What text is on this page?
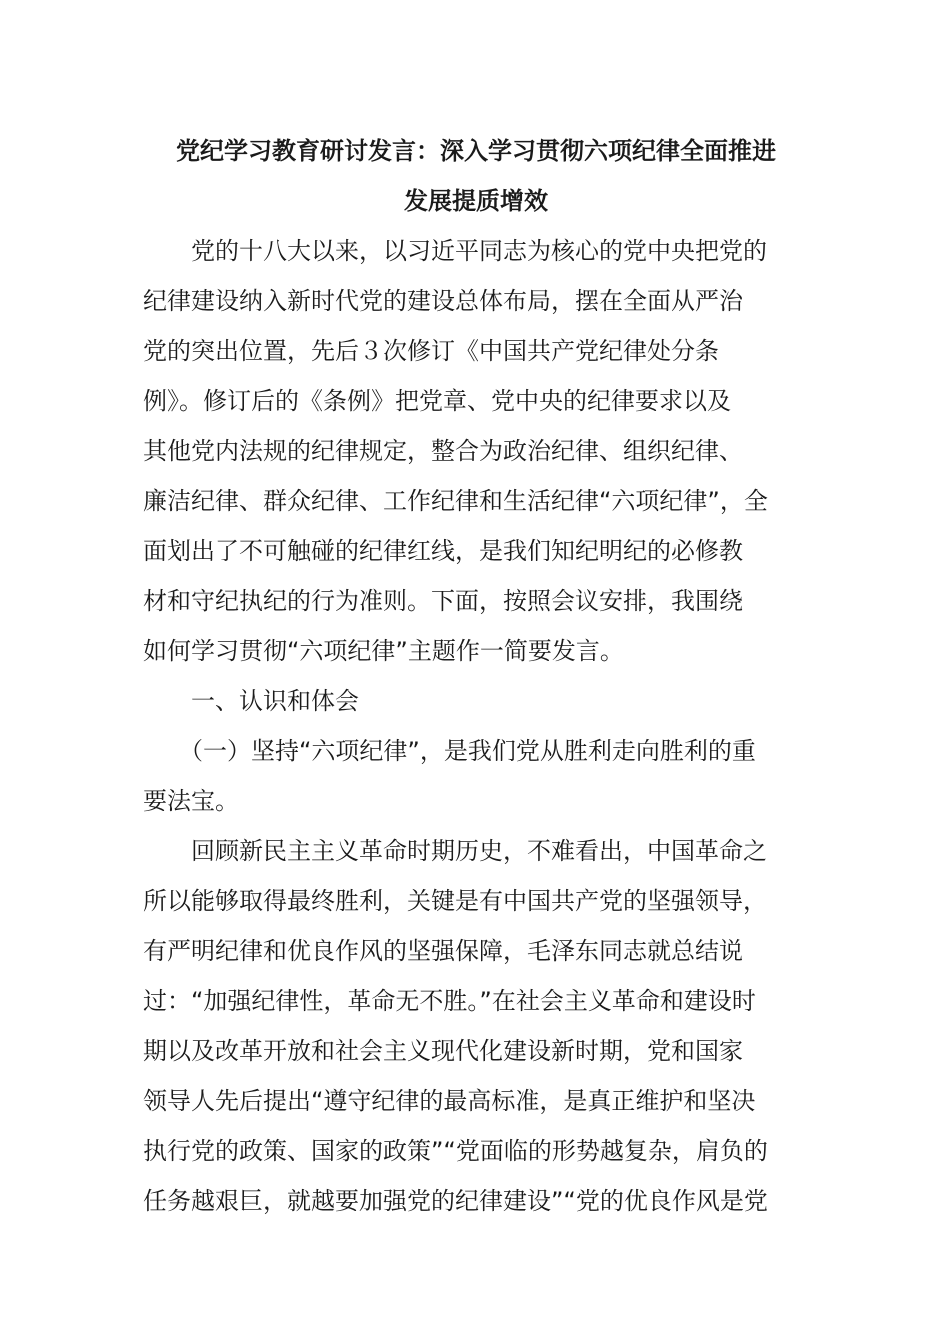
党纪学习教育研讨发言：深入学习贯彻六项纪律全面推进
发展提质增效

　　党的十八大以来，以习近平同志为核心的党中央把党的

纪律建设纳入新时代党的建设总体布局，摆在全面从严治

党的突出位置，先后３次修订《中国共产党纪律处分条

例》。修订后的《条例》把党章、党中央的纪律要求以及

其他党内法规的纪律规定，整合为政治纪律、组织纪律、

廉洁纪律、群众纪律、工作纪律和生活纪律“六项纪律”，全

面划出了不可触碰的纪律红线，是我们知纪明纪的必修教

材和守纪执纪的行为准则。下面，按照会议安排，我围绕

如何学习贯彻“六项纪律”主题作一简要发言。

　　一、认识和体会

　　（一）坚持“六项纪律”，是我们党从胜利走向胜利的重

要法宝。

　　回顾新民主主义革命时期历史，不难看出，中国革命之

所以能够取得最终胜利，关键是有中国共产党的坚强领导，

有严明纪律和优良作风的坚强保障，毛泽东同志就总结说

过：“加强纪律性，革命无不胜。”在社会主义革命和建设时

期以及改革开放和社会主义现代化建设新时期，党和国家

领导人先后提出“遵守纪律的最高标准，是真正维护和坚决

执行党的政策、国家的政策”“党面临的形势越复杂，肩负的

任务越艰巨，就越要加强党的纪律建设”“党的优良作风是党
